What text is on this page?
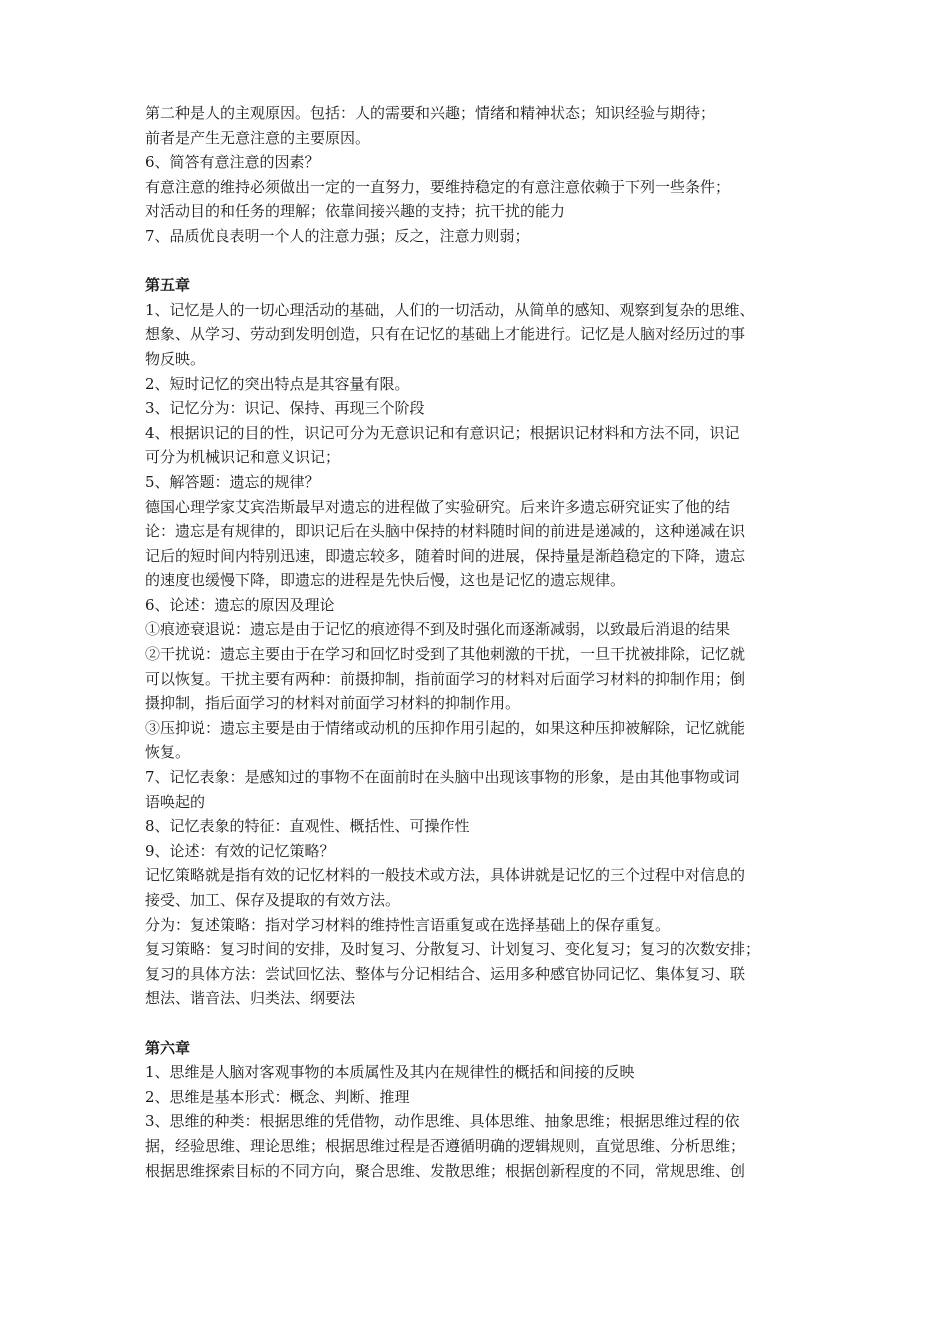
第二种是人的主观原因。包括：人的需要和兴趣；情绪和精神状态；知识经验与期待；
前者是产生无意注意的主要原因。
6、简答有意注意的因素？
有意注意的维持必须做出一定的一直努力，要维持稳定的有意注意依赖于下列一些条件；
对活动目的和任务的理解；依靠间接兴趣的支持；抗干扰的能力
7、品质优良表明一个人的注意力强；反之，注意力则弱；
第五章
1、记忆是人的一切心理活动的基础，人们的一切活动，从简单的感知、观察到复杂的思维、
想象、从学习、劳动到发明创造，只有在记忆的基础上才能进行。记忆是人脑对经历过的事
物反映。
2、短时记忆的突出特点是其容量有限。
3、记忆分为：识记、保持、再现三个阶段
4、根据识记的目的性，识记可分为无意识记和有意识记；根据识记材料和方法不同，识记
可分为机械识记和意义识记；
5、解答题：遗忘的规律？
德国心理学家艾宾浩斯最早对遗忘的进程做了实验研究。后来许多遗忘研究证实了他的结
论：遗忘是有规律的，即识记后在头脑中保持的材料随时间的前进是递减的，这种递减在识
记后的短时间内特别迅速，即遗忘较多，随着时间的进展，保持量是渐趋稳定的下降，遗忘
的速度也缓慢下降，即遗忘的进程是先快后慢，这也是记忆的遗忘规律。
6、论述：遗忘的原因及理论
①痕迹衰退说：遗忘是由于记忆的痕迹得不到及时强化而逐渐减弱，以致最后消退的结果
②干扰说：遗忘主要由于在学习和回忆时受到了其他刺激的干扰，一旦干扰被排除，记忆就
可以恢复。干扰主要有两种：前摄抑制，指前面学习的材料对后面学习材料的抑制作用；倒
摄抑制，指后面学习的材料对前面学习材料的抑制作用。
③压抑说：遗忘主要是由于情绪或动机的压抑作用引起的，如果这种压抑被解除，记忆就能
恢复。
7、记忆表象：是感知过的事物不在面前时在头脑中出现该事物的形象，是由其他事物或词
语唤起的
8、记忆表象的特征：直观性、概括性、可操作性
9、论述：有效的记忆策略？
记忆策略就是指有效的记忆材料的一般技术或方法，具体讲就是记忆的三个过程中对信息的
接受、加工、保存及提取的有效方法。
分为：复述策略：指对学习材料的维持性言语重复或在选择基础上的保存重复。
复习策略：复习时间的安排，及时复习、分散复习、计划复习、变化复习；复习的次数安排；
复习的具体方法：尝试回忆法、整体与分记相结合、运用多种感官协同记忆、集体复习、联
想法、谐音法、归类法、纲要法
第六章
1、思维是人脑对客观事物的本质属性及其内在规律性的概括和间接的反映
2、思维是基本形式：概念、判断、推理
3、思维的种类：根据思维的凭借物，动作思维、具体思维、抽象思维；根据思维过程的依
据，经验思维、理论思维；根据思维过程是否遵循明确的逻辑规则，直觉思维、分析思维；
根据思维探索目标的不同方向，聚合思维、发散思维；根据创新程度的不同，常规思维、创
